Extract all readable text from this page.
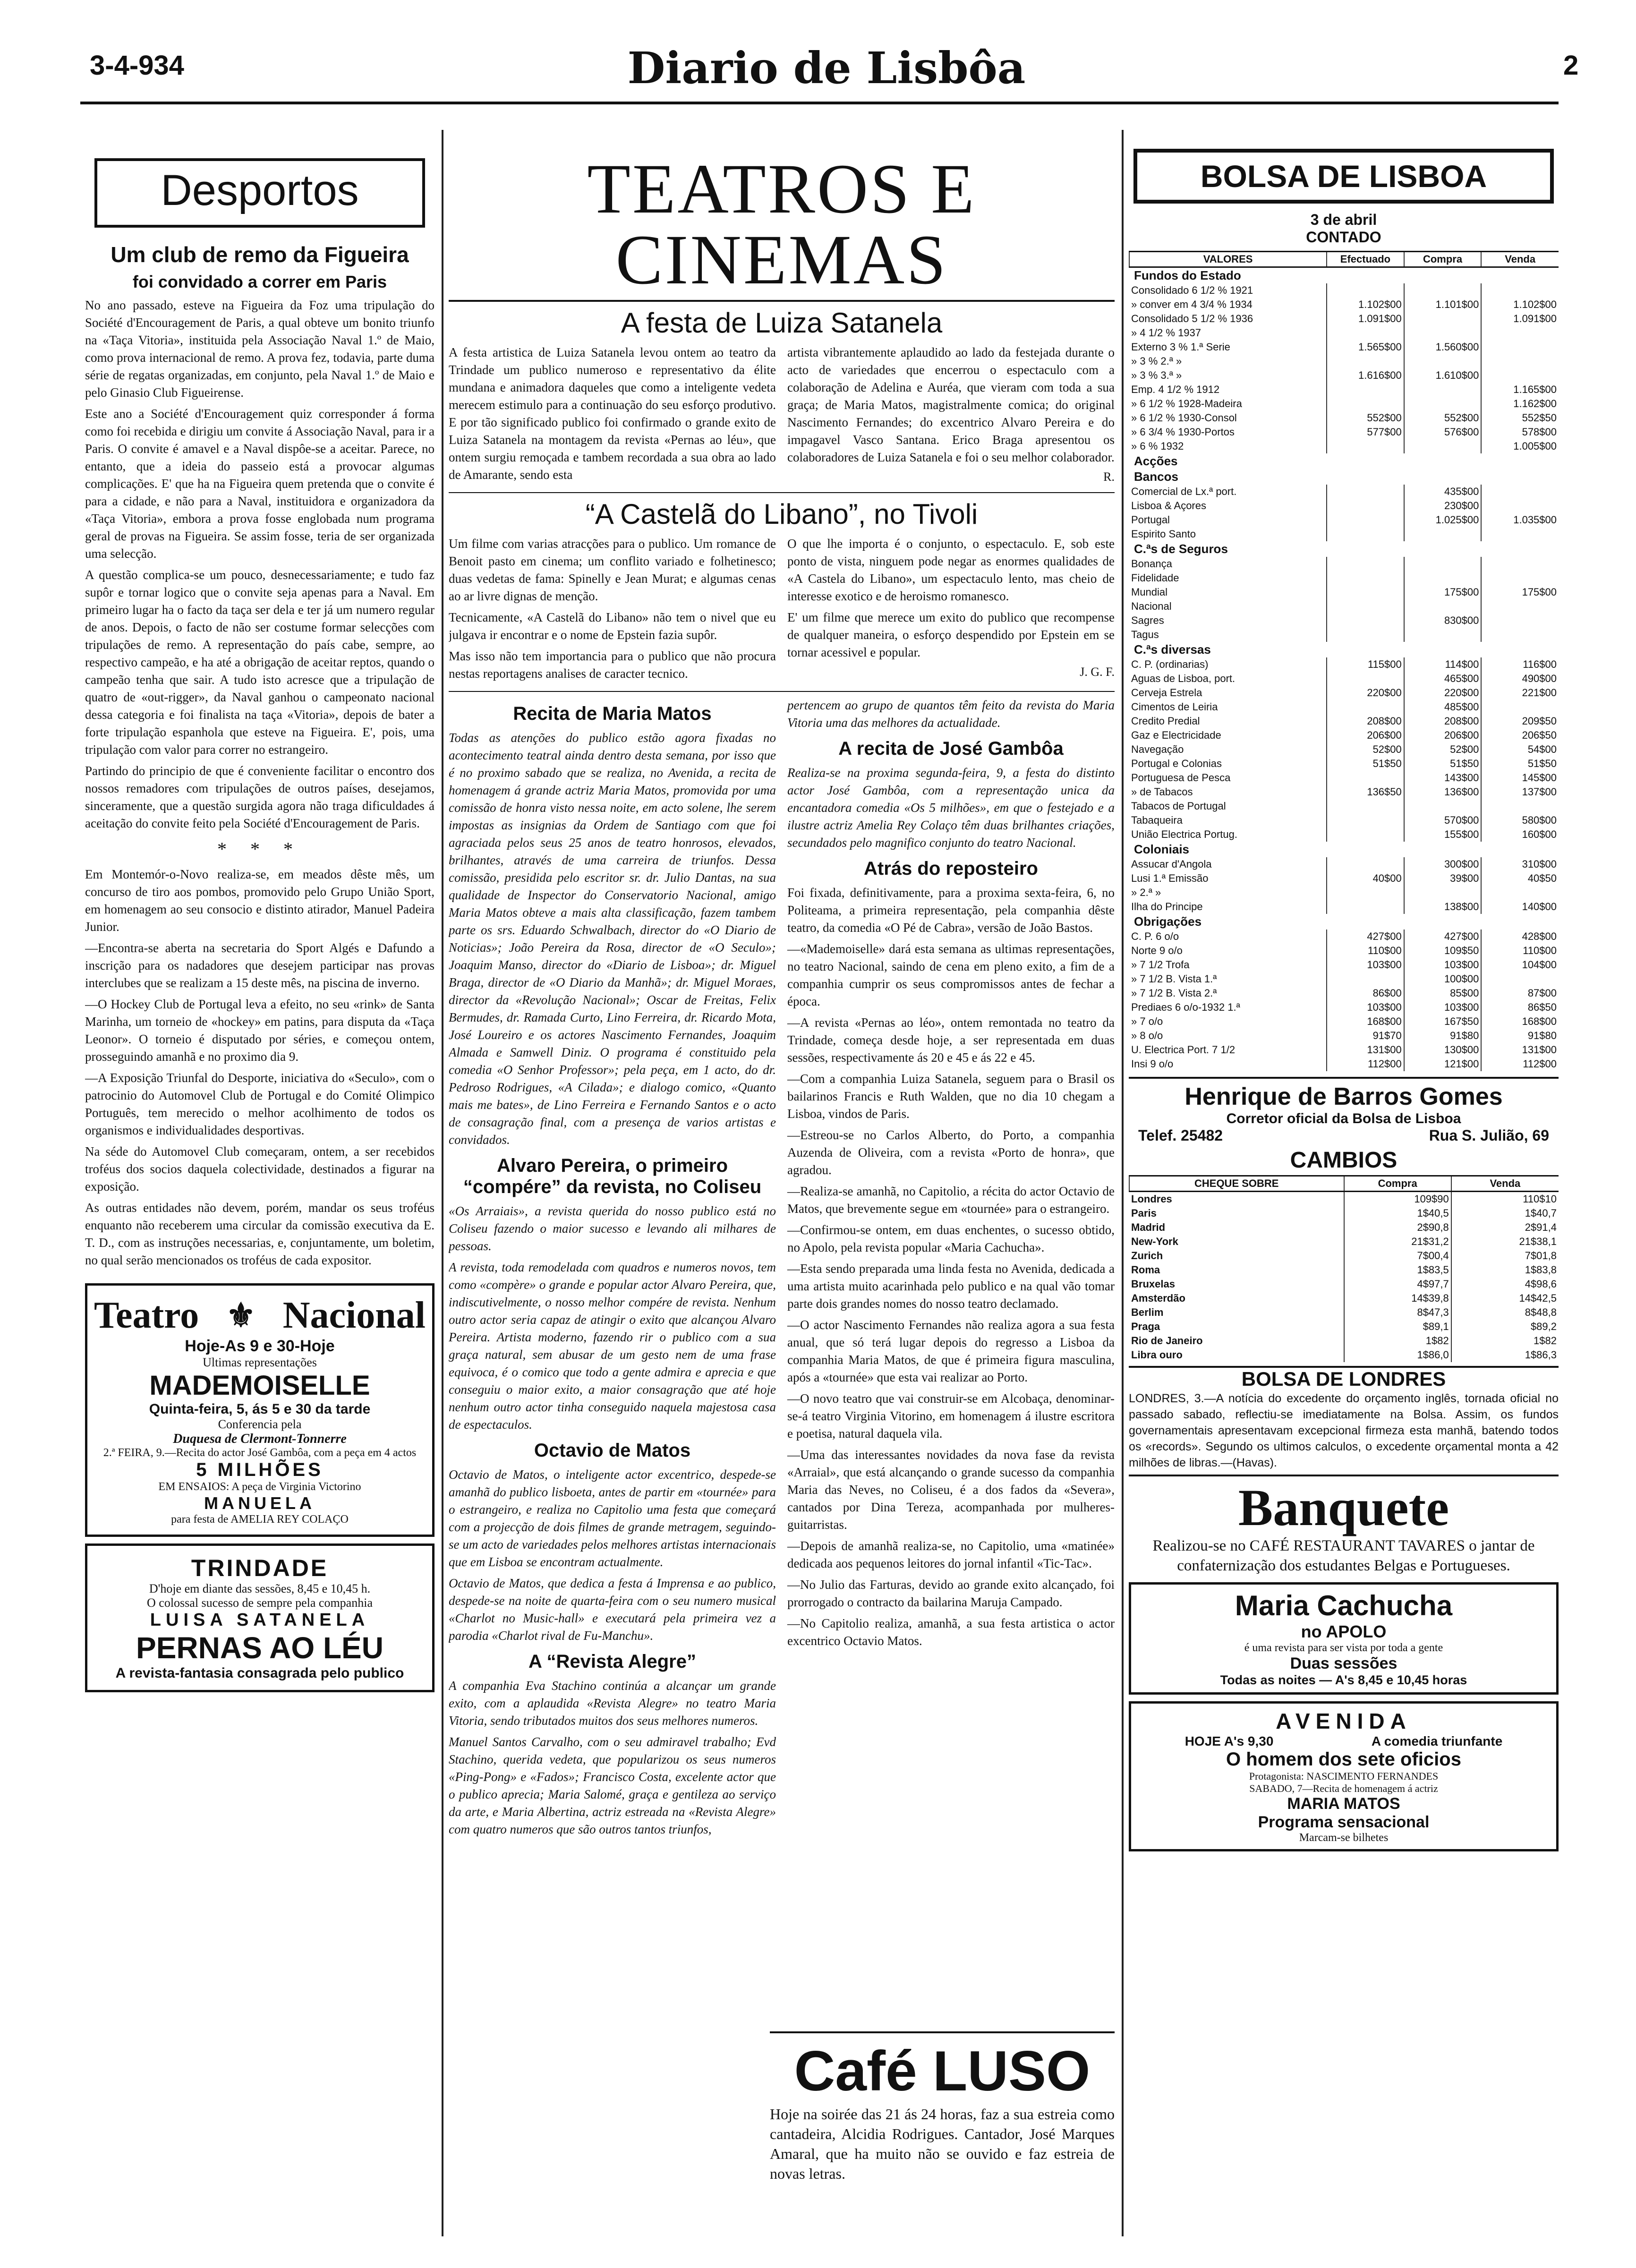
3-4-934	Diario de Lisbôa	2
Desportos
Um club de remo da Figueira
foi convidado a correr em Paris

No ano passado, esteve na Figueira da Foz uma tripulação do Société d'Encouragement de Paris, a qual obteve um bonito triunfo na «Taça Vitoria», instituida pela Associação Naval 1.º de Maio, como prova internacional de remo. A prova fez, todavia, parte duma série de regatas organizadas, em conjunto, pela Naval 1.º de Maio e pelo Ginasio Club Figueirense.

Este ano a Société d'Encouragement quiz corresponder á forma como foi recebida e dirigiu um convite á Associação Naval, para ir a Paris. O convite é amavel e a Naval dispôe-se a aceitar. Parece, no entanto, que a ideia do passeio está a provocar algumas complicações. E' que ha na Figueira quem pretenda que o convite é para a cidade, e não para a Naval, instituidora e organizadora da «Taça Vitoria», embora a prova fosse englobada num programa geral de provas na Figueira. Se assim fosse, teria de ser organizada uma selecção.

A questão complica-se um pouco, desnecessariamente; e tudo faz supôr e tornar logico que o convite seja apenas para a Naval. Em primeiro lugar ha o facto da taça ser dela e ter já um numero regular de anos. Depois, o facto de não ser costume formar selecções com tripulações de remo. A representação do país cabe, sempre, ao respectivo campeão, e ha até a obrigação de aceitar reptos, quando o campeão tenha que sair. A tudo isto acresce que a tripulação de quatro de «out-rigger», da Naval ganhou o campeonato nacional dessa categoria e foi finalista na taça «Vitoria», depois de bater a forte tripulação espanhola que esteve na Figueira. E', pois, uma tripulação com valor para correr no estrangeiro.

Partindo do principio de que é conveniente facilitar o encontro dos nossos remadores com tripulações de outros países, desejamos, sinceramente, que a questão surgida agora não traga dificuldades á aceitação do convite feito pela Société d'Encouragement de Paris.

* * *

Em Montemór-o-Novo realiza-se, em meados dêste mês, um concurso de tiro aos pombos, promovido pelo Grupo União Sport, em homenagem ao seu consocio e distinto atirador, Manuel Padeira Junior.

—Encontra-se aberta na secretaria do Sport Algés e Dafundo a inscrição para os nadadores que desejem participar nas provas interclubes que se realizam a 15 deste mês, na piscina de inverno.

—O Hockey Club de Portugal leva a efeito, no seu «rink» de Santa Marinha, um torneio de «hockey» em patins, para disputa da «Taça Leonor». O torneio é disputado por séries, e começou ontem, prosseguindo amanhã e no proximo dia 9.

—A Exposição Triunfal do Desporte, iniciativa do «Seculo», com o patrocinio do Automovel Club de Portugal e do Comité Olimpico Português, tem merecido o melhor acolhimento de todos os organismos e individualidades desportivas.

Na séde do Automovel Club começaram, ontem, a ser recebidos troféus dos socios daquela colectividade, destinados a figurar na exposição.

As outras entidades não devem, porém, mandar os seus troféus enquanto não receberem uma circular da comissão executiva da E. T. D., com as instruções necessarias, e, conjuntamente, um boletim, no qual serão mencionados os troféus de cada expositor.

Teatro ⚜ Nacional
Hoje-As 9 e 30-Hoje
Ultimas representações
MADEMOISELLE
Quinta-feira, 5, ás 5 e 30 da tarde
Conferencia pela
Duquesa de Clermont-Tonnerre
2.ª FEIRA, 9.—Recita do actor José Gambôa, com a peça em 4 actos
5 MILHÕES
EM ENSAIOS: A peça de Virginia Victorino
MANUELA
para festa de AMELIA REY COLAÇO
TRINDADE
D'hoje em diante das sessões, 8,45 e 10,45 h.
O colossal sucesso de sempre pela companhia
LUISA SATANELA
PERNAS AO LÉU
A revista-fantasia consagrada pelo publico
TEATROS E CINEMAS
A festa de Luiza Satanela

A festa artistica de Luiza Satanela levou ontem ao teatro da Trindade um publico numeroso e representativo da élite mundana e animadora daqueles que como a inteligente vedeta merecem estimulo para a continuação do seu esforço produtivo. E por tão significado publico foi confirmado o grande exito de Luiza Satanela na montagem da revista «Pernas ao léu», que ontem surgiu remoçada e tambem recordada a sua obra ao lado de Amarante, sendo esta

artista vibrantemente aplaudido ao lado da festejada durante o acto de variedades que encerrou o espectaculo com a colaboração de Adelina e Auréa, que vieram com toda a sua graça; de Maria Matos, magistralmente comica; do original Nascimento Fernandes; do excentrico Alvaro Pereira e do impagavel Vasco Santana. Erico Braga apresentou os colaboradores de Luiza Satanela e foi o seu melhor colaborador.

R.
“A Castelã do Libano”, no Tivoli

Um filme com varias atracções para o publico. Um romance de Benoit pasto em cinema; um conflito variado e folhetinesco; duas vedetas de fama: Spinelly e Jean Murat; e algumas cenas ao ar livre dignas de menção.

Tecnicamente, «A Castelã do Libano» não tem o nivel que eu julgava ir encontrar e o nome de Epstein fazia supôr.

Mas isso não tem importancia para o publico que não procura nestas reportagens analises de caracter tecnico.

O que lhe importa é o conjunto, o espectaculo. E, sob este ponto de vista, ninguem pode negar as enormes qualidades de «A Castela do Libano», um espectaculo lento, mas cheio de interesse exotico e de heroismo romanesco.

E' um filme que merece um exito do publico que recompense de qualquer maneira, o esforço despendido por Epstein em se tornar acessivel e popular.

J. G. F.
Recita de Maria Matos

Todas as atenções do publico estão agora fixadas no acontecimento teatral ainda dentro desta semana, por isso que é no proximo sabado que se realiza, no Avenida, a recita de homenagem á grande actriz Maria Matos, promovida por uma comissão de honra visto nessa noite, em acto solene, lhe serem impostas as insignias da Ordem de Santiago com que foi agraciada pelos seus 25 anos de teatro honrosos, elevados, brilhantes, através de uma carreira de triunfos. Dessa comissão, presidida pelo escritor sr. dr. Julio Dantas, na sua qualidade de Inspector do Conservatorio Nacional, amigo Maria Matos obteve a mais alta classificação, fazem tambem parte os srs. Eduardo Schwalbach, director do «O Diario de Noticias»; João Pereira da Rosa, director de «O Seculo»; Joaquim Manso, director do «Diario de Lisboa»; dr. Miguel Braga, director de «O Diario da Manhã»; dr. Miguel Moraes, director da «Revolução Nacional»; Oscar de Freitas, Felix Bermudes, dr. Ramada Curto, Lino Ferreira, dr. Ricardo Mota, José Loureiro e os actores Nascimento Fernandes, Joaquim Almada e Samwell Diniz. O programa é constituido pela comedia «O Senhor Professor»; pela peça, em 1 acto, do dr. Pedroso Rodrigues, «A Cilada»; e dialogo comico, «Quanto mais me bates», de Lino Ferreira e Fernando Santos e o acto de consagração final, com a presença de varios artistas e convidados.

Alvaro Pereira, o primeiro “compére” da revista, no Coliseu

«Os Arraiais», a revista querida do nosso publico está no Coliseu fazendo o maior sucesso e levando ali milhares de pessoas.

A revista, toda remodelada com quadros e numeros novos, tem como «compère» o grande e popular actor Alvaro Pereira, que, indiscutivelmente, o nosso melhor compére de revista. Nenhum outro actor seria capaz de atingir o exito que alcançou Alvaro Pereira. Artista moderno, fazendo rir o publico com a sua graça natural, sem abusar de um gesto nem de uma frase equivoca, é o comico que todo a gente admira e aprecia e que conseguiu o maior exito, a maior consagração que até hoje nenhum outro actor tinha conseguido naquela majestosa casa de espectaculos.

Octavio de Matos

Octavio de Matos, o inteligente actor excentrico, despede-se amanhã do publico lisboeta, antes de partir em «tournée» para o estrangeiro, e realiza no Capitolio uma festa que começará com a projecção de dois filmes de grande metragem, seguindo-se um acto de variedades pelos melhores artistas internacionais que em Lisboa se encontram actualmente.

Octavio de Matos, que dedica a festa á Imprensa e ao publico, despede-se na noite de quarta-feira com o seu numero musical «Charlot no Music-hall» e executará pela primeira vez a parodia «Charlot rival de Fu-Manchu».

A “Revista Alegre”

A companhia Eva Stachino continúa a alcançar um grande exito, com a aplaudida «Revista Alegre» no teatro Maria Vitoria, sendo tributados muitos dos seus melhores numeros.

Manuel Santos Carvalho, com o seu admiravel trabalho; Evd Stachino, querida vedeta, que popularizou os seus numeros «Ping-Pong» e «Fados»; Francisco Costa, excelente actor que o publico aprecia; Maria Salomé, graça e gentileza ao serviço da arte, e Maria Albertina, actriz estreada na «Revista Alegre» com quatro numeros que são outros tantos triunfos,

pertencem ao grupo de quantos têm feito da revista do Maria Vitoria uma das melhores da actualidade.

A recita de José Gambôa

Realiza-se na proxima segunda-feira, 9, a festa do distinto actor José Gambôa, com a representação unica da encantadora comedia «Os 5 milhões», em que o festejado e a ilustre actriz Amelia Rey Colaço têm duas brilhantes criações, secundados pelo magnifico conjunto do teatro Nacional.

Atrás do reposteiro

Foi fixada, definitivamente, para a proxima sexta-feira, 6, no Politeama, a primeira representação, pela companhia dêste teatro, da comedia «O Pé de Cabra», versão de João Bastos.

—«Mademoiselle» dará esta semana as ultimas representações, no teatro Nacional, saindo de cena em pleno exito, a fim de a companhia cumprir os seus compromissos antes de fechar a época.

—A revista «Pernas ao léo», ontem remontada no teatro da Trindade, começa desde hoje, a ser representada em duas sessões, respectivamente ás 20 e 45 e ás 22 e 45.

—Com a companhia Luiza Satanela, seguem para o Brasil os bailarinos Francis e Ruth Walden, que no dia 10 chegam a Lisboa, vindos de Paris.

—Estreou-se no Carlos Alberto, do Porto, a companhia Auzenda de Oliveira, com a revista «Porto de honra», que agradou.

—Realiza-se amanhã, no Capitolio, a récita do actor Octavio de Matos, que brevemente segue em «tournée» para o estrangeiro.

—Confirmou-se ontem, em duas enchentes, o sucesso obtido, no Apolo, pela revista popular «Maria Cachucha».

—Esta sendo preparada uma linda festa no Avenida, dedicada a uma artista muito acarinhada pelo publico e na qual vão tomar parte dois grandes nomes do nosso teatro declamado.

—O actor Nascimento Fernandes não realiza agora a sua festa anual, que só terá lugar depois do regresso a Lisboa da companhia Maria Matos, de que é primeira figura masculina, após a «tournée» que esta vai realizar ao Porto.

—O novo teatro que vai construir-se em Alcobaça, denominar-se-á teatro Virginia Vitorino, em homenagem á ilustre escritora e poetisa, natural daquela vila.

—Uma das interessantes novidades da nova fase da revista «Arraial», que está alcançando o grande sucesso da companhia Maria das Neves, no Coliseu, é a dos fados da «Severa», cantados por Dina Tereza, acompanhada por mulheres-guitarristas.

—Depois de amanhã realiza-se, no Capitolio, uma «matinée» dedicada aos pequenos leitores do jornal infantil «Tic-Tac».

—No Julio das Farturas, devido ao grande exito alcançado, foi prorrogado o contracto da bailarina Maruja Campado.

—No Capitolio realiza, amanhã, a sua festa artistica o actor excentrico Octavio Matos.

Café LUSO

Hoje na soirée das 21 ás 24 horas, faz a sua estreia como cantadeira, Alcidia Rodrigues. Cantador, José Marques Amaral, que ha muito não se ouvido e faz estreia de novas letras.

BOLSA DE LISBOA
3 de abril
CONTADO
VALORES	Efectuado	Compra	Venda
Fundos do Estado			
Consolidado 6 1/2 % 1921			
» conver em 4 3/4 % 1934	1.102$00	1.101$00	1.102$00
Consolidado 5 1/2 % 1936	1.091$00		1.091$00
» 4 1/2 % 1937			
Externo 3 % 1.ª Serie	1.565$00	1.560$00	
» 3 % 2.ª »			
» 3 % 3.ª »	1.616$00	1.610$00	
Emp. 4 1/2 % 1912			1.165$00
» 6 1/2 % 1928-Madeira			1.162$00
» 6 1/2 % 1930-Consol	552$00	552$00	552$50
» 6 3/4 % 1930-Portos	577$00	576$00	578$00
» 6 % 1932			1.005$00
Acções			
Bancos			
Comercial de Lx.ª port.		435$00	
Lisboa & Açores		230$00	
Portugal		1.025$00	1.035$00
Espirito Santo			
C.ªs de Seguros			
Bonança			
Fidelidade			
Mundial		175$00	175$00
Nacional			
Sagres		830$00	
Tagus			
C.ªs diversas			
C. P. (ordinarias)	115$00	114$00	116$00
Aguas de Lisboa, port.		465$00	490$00
Cerveja Estrela	220$00	220$00	221$00
Cimentos de Leiria		485$00	
Credito Predial	208$00	208$00	209$50
Gaz e Electricidade	206$00	206$00	206$50
Navegação	52$00	52$00	54$00
Portugal e Colonias	51$50	51$50	51$50
Portuguesa de Pesca		143$00	145$00
» de Tabacos	136$50	136$00	137$00
Tabacos de Portugal			
Tabaqueira		570$00	580$00
União Electrica Portug.		155$00	160$00
Coloniais			
Assucar d'Angola		300$00	310$00
Lusi 1.ª Emissão	40$00	39$00	40$50
» 2.ª »			
Ilha do Principe		138$00	140$00
Obrigações			
C. P. 6 o/o	427$00	427$00	428$00
Norte 9 o/o	110$00	109$50	110$00
» 7 1/2 Trofa	103$00	103$00	104$00
» 7 1/2 B. Vista 1.ª		100$00	
» 7 1/2 B. Vista 2.ª	86$00	85$00	87$00
Prediaes 6 o/o-1932 1.ª	103$00	103$00	86$50
» 7 o/o	168$00	167$50	168$00
» 8 o/o	91$70	91$80	91$80
U. Electrica Port. 7 1/2	131$00	130$00	131$00
Insi 9 o/o	112$00	121$00	112$00
Henrique de Barros Gomes
Corretor oficial da Bolsa de Lisboa
Telef. 25482	Rua S. Julião, 69
CAMBIOS
CHEQUE SOBRE	Compra	Venda
Londres	109$90	110$10
Paris	1$40,5	1$40,7
Madrid	2$90,8	2$91,4
New-York	21$31,2	21$38,1
Zurich	7$00,4	7$01,8
Roma	1$83,5	1$83,8
Bruxelas	4$97,7	4$98,6
Amsterdão	14$39,8	14$42,5
Berlim	8$47,3	8$48,8
Praga	$89,1	$89,2
Rio de Janeiro	1$82	1$82
Libra ouro	1$86,0	1$86,3
BOLSA DE LONDRES

LONDRES, 3.—A notícia do excedente do orçamento inglês, tornada oficial no passado sabado, reflectiu-se imediatamente na Bolsa. Assim, os fundos governamentais apresentavam excepcional firmeza esta manhã, batendo todos os «records». Segundo os ultimos calculos, o excedente orçamental monta a 42 milhões de libras.—(Havas).

Banquete

Realizou-se no CAFÉ RESTAURANT TAVARES o jantar de confaternização dos estudantes Belgas e Portugueses.

Maria Cachucha
no APOLO
é uma revista para ser vista por toda a gente
Duas sessões
Todas as noites — A's 8,45 e 10,45 horas
AVENIDA
HOJE A's 9,30	A comedia triunfante
O homem dos sete oficios
Protagonista: NASCIMENTO FERNANDES
SABADO, 7—Recita de homenagem á actriz
MARIA MATOS
Programa sensacional
Marcam-se bilhetes
